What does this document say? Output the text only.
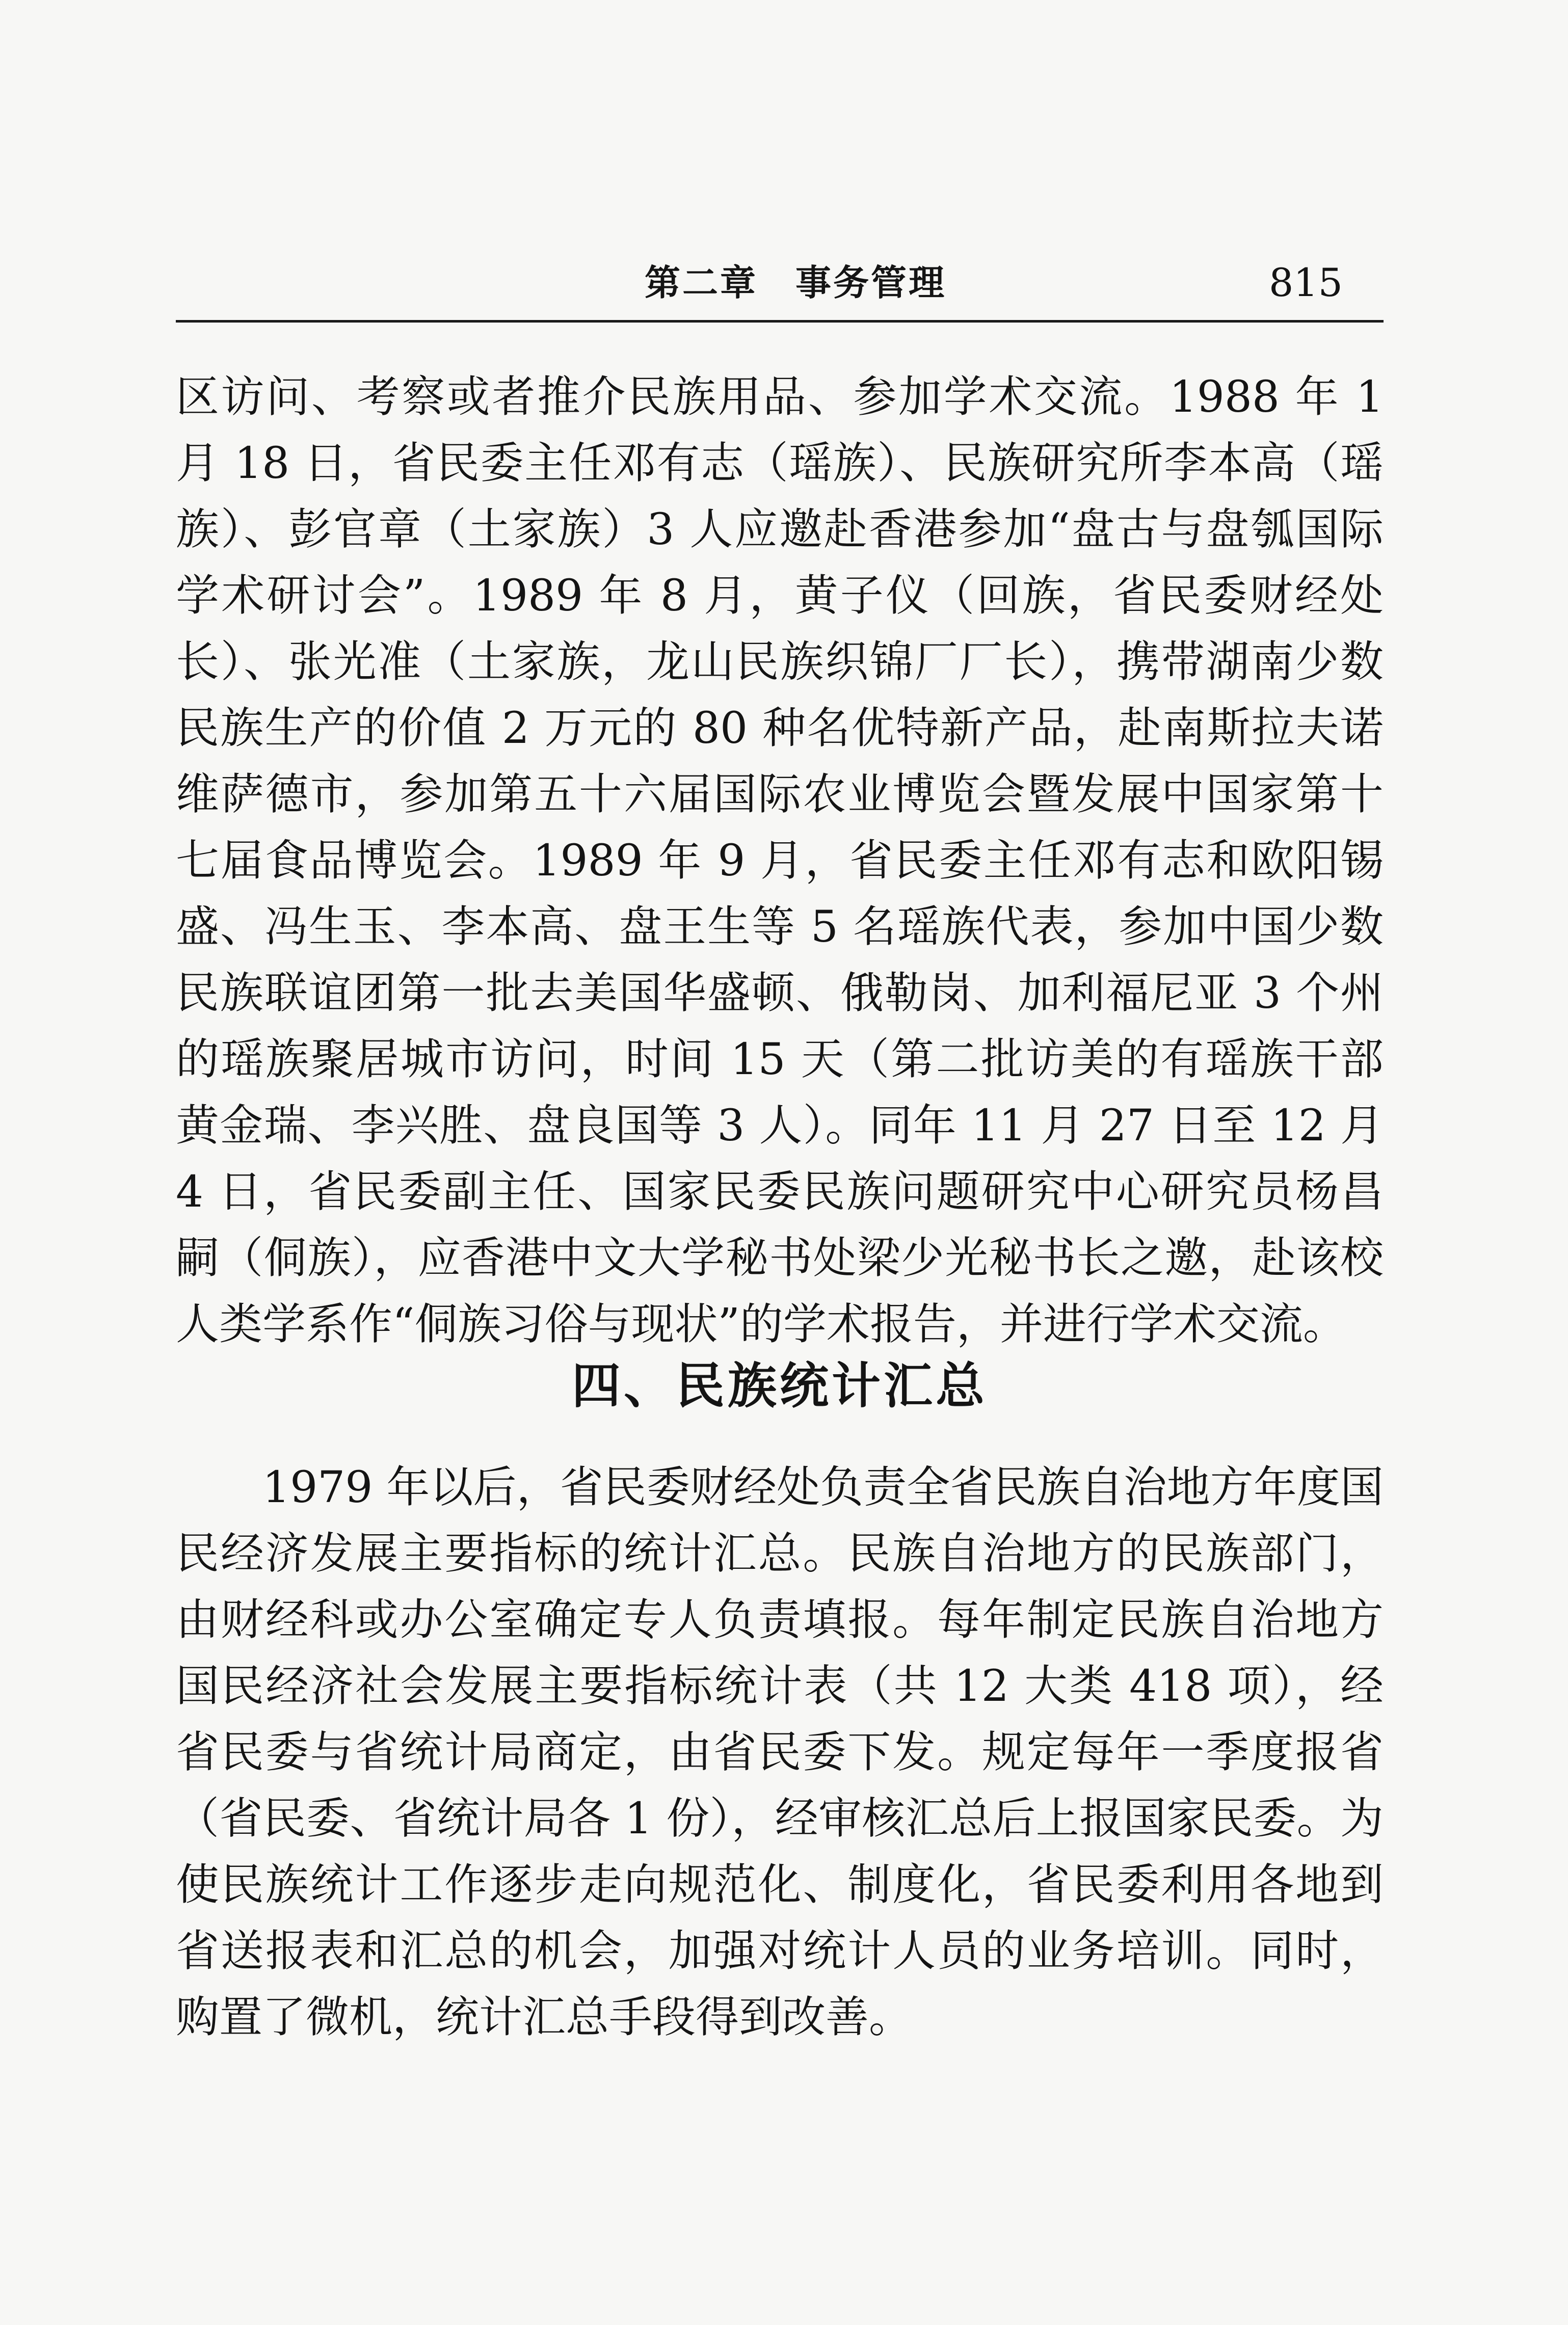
第二章　事务管理	815

区访问、考察或者推介民族用品、参加学术交流。1988 年 1 月 18 日，省民委主任邓有志（瑶族）、民族研究所李本高（瑶族）、彭官章（土家族）3 人应邀赴香港参加“盘古与盘瓠国际学术研讨会”。1989 年 8 月，黄子仪（回族，省民委财经处长）、张光准（土家族，龙山民族织锦厂厂长），携带湖南少数民族生产的价值 2 万元的 80 种名优特新产品，赴南斯拉夫诺维萨德市，参加第五十六届国际农业博览会暨发展中国家第十七届食品博览会。1989 年 9 月，省民委主任邓有志和欧阳锡盛、冯生玉、李本高、盘王生等 5 名瑶族代表，参加中国少数民族联谊团第一批去美国华盛顿、俄勒岗、加利福尼亚 3 个州的瑶族聚居城市访问，时间 15 天（第二批访美的有瑶族干部黄金瑞、李兴胜、盘良国等 3 人）。同年 11 月 27 日至 12 月 4 日，省民委副主任、国家民委民族问题研究中心研究员杨昌嗣（侗族），应香港中文大学秘书处梁少光秘书长之邀，赴该校人类学系作“侗族习俗与现状”的学术报告，并进行学术交流。

四、民族统计汇总

1979 年以后，省民委财经处负责全省民族自治地方年度国民经济发展主要指标的统计汇总。民族自治地方的民族部门，由财经科或办公室确定专人负责填报。每年制定民族自治地方国民经济社会发展主要指标统计表（共 12 大类 418 项），经省民委与省统计局商定，由省民委下发。规定每年一季度报省（省民委、省统计局各 1 份），经审核汇总后上报国家民委。为使民族统计工作逐步走向规范化、制度化，省民委利用各地到省送报表和汇总的机会，加强对统计人员的业务培训。同时，购置了微机，统计汇总手段得到改善。
